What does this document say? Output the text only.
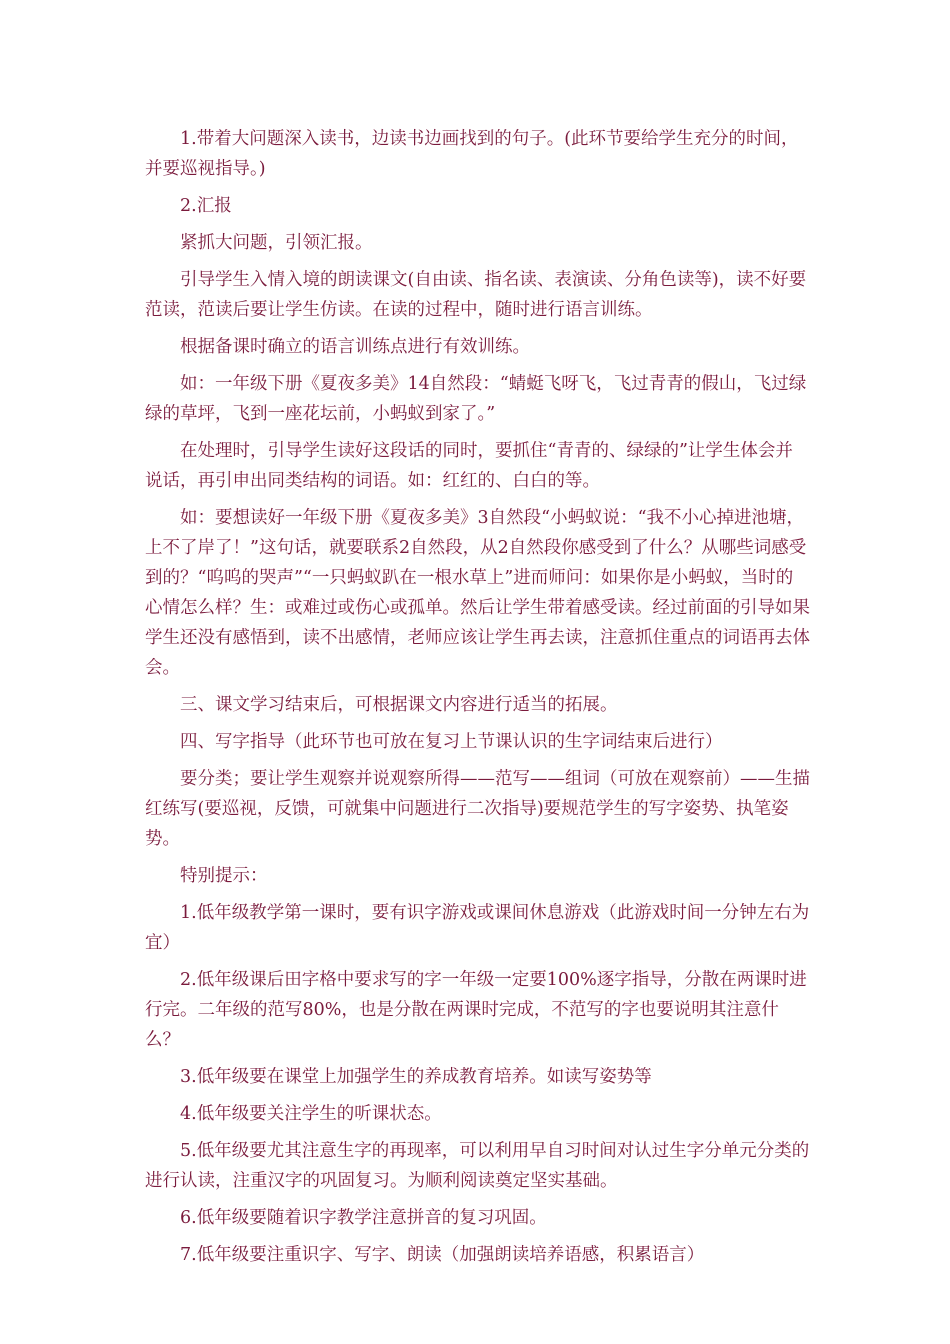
1.带着大问题深入读书，边读书边画找到的句子。(此环节要给学生充分的时间，并要巡视指导。)

2.汇报

紧抓大问题，引领汇报。

引导学生入情入境的朗读课文(自由读、指名读、表演读、分角色读等)，读不好要范读，范读后要让学生仿读。在读的过程中，随时进行语言训练。

根据备课时确立的语言训练点进行有效训练。

如：一年级下册《夏夜多美》14自然段：“蜻蜓飞呀飞，飞过青青的假山，飞过绿绿的草坪，飞到一座花坛前，小蚂蚁到家了。”

在处理时，引导学生读好这段话的同时，要抓住“青青的、绿绿的”让学生体会并说话，再引申出同类结构的词语。如：红红的、白白的等。

如：要想读好一年级下册《夏夜多美》3自然段“小蚂蚁说：“我不小心掉进池塘，上不了岸了！”这句话，就要联系2自然段，从2自然段你感受到了什么？从哪些词感受到的？“呜呜的哭声”“一只蚂蚁趴在一根水草上”进而师问：如果你是小蚂蚁，当时的心情怎么样？生：或难过或伤心或孤单。然后让学生带着感受读。经过前面的引导如果学生还没有感悟到，读不出感情，老师应该让学生再去读，注意抓住重点的词语再去体会。

三、课文学习结束后，可根据课文内容进行适当的拓展。

四、写字指导（此环节也可放在复习上节课认识的生字词结束后进行）

要分类；要让学生观察并说观察所得——范写——组词（可放在观察前）——生描红练写(要巡视，反馈，可就集中问题进行二次指导)要规范学生的写字姿势、执笔姿势。

特别提示：

1.低年级教学第一课时，要有识字游戏或课间休息游戏（此游戏时间一分钟左右为宜）

2.低年级课后田字格中要求写的字一年级一定要100%逐字指导，分散在两课时进行完。二年级的范写80%，也是分散在两课时完成，不范写的字也要说明其注意什么？

3.低年级要在课堂上加强学生的养成教育培养。如读写姿势等

4.低年级要关注学生的听课状态。

5.低年级要尤其注意生字的再现率，可以利用早自习时间对认过生字分单元分类的进行认读，注重汉字的巩固复习。为顺利阅读奠定坚实基础。

6.低年级要随着识字教学注意拼音的复习巩固。

7.低年级要注重识字、写字、朗读（加强朗读培养语感，积累语言）
